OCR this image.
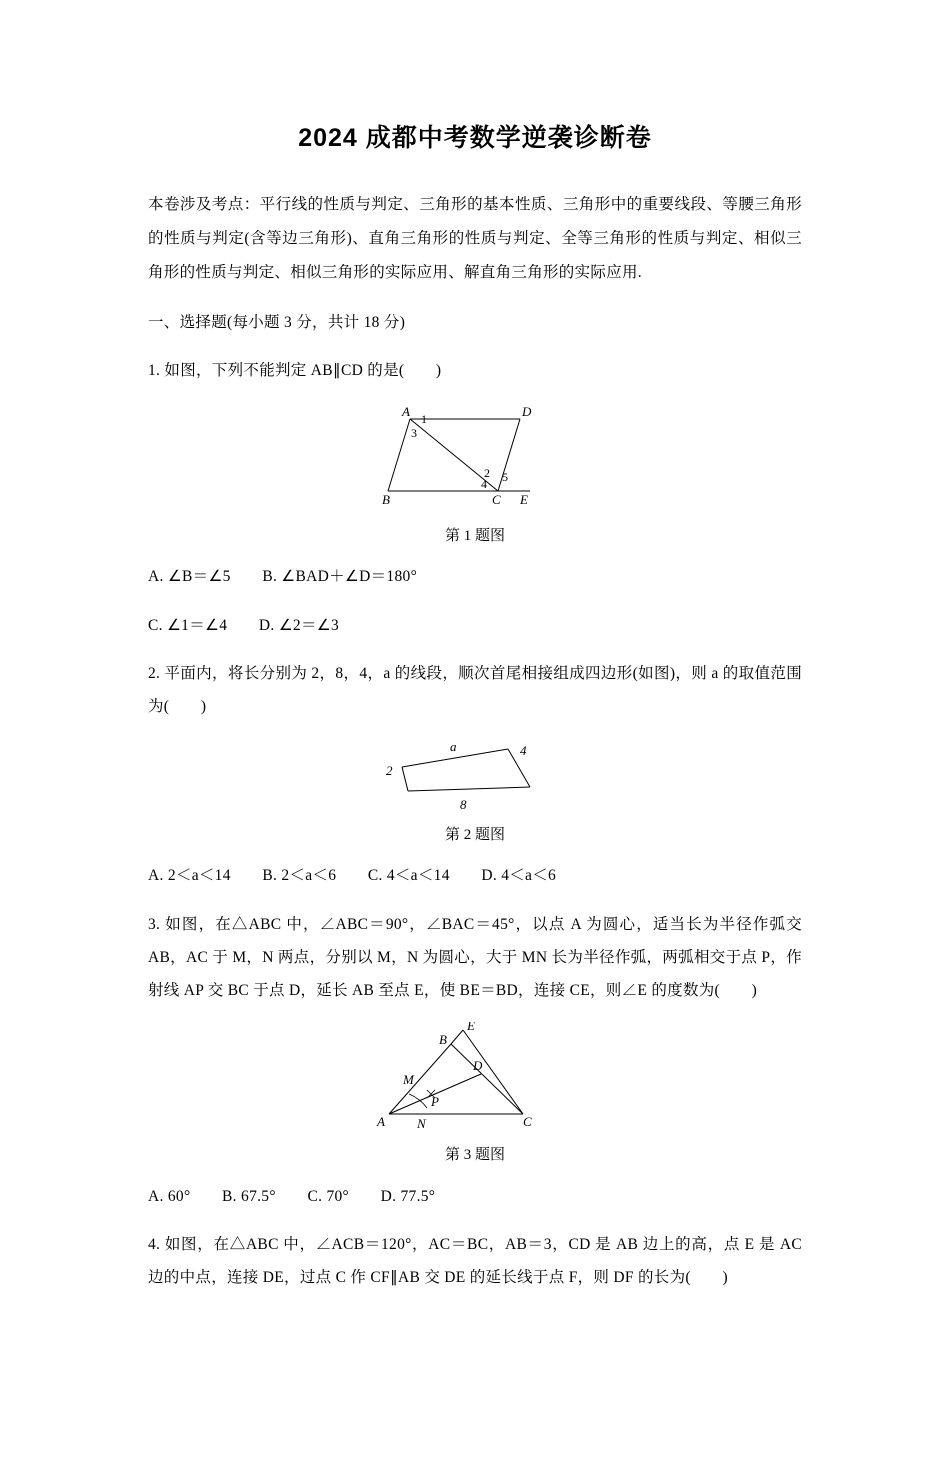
2024 成都中考数学逆袭诊断卷

本卷涉及考点：平行线的性质与判定、三角形的基本性质、三角形中的重要线段、等腰三角形的性质与判定(含等边三角形)、直角三角形的性质与判定、全等三角形的性质与判定、相似三角形的性质与判定、相似三角形的实际应用、解直角三角形的实际应用.

一、选择题(每小题 3 分，共计 18 分)

1. 如图，下列不能判定 AB∥CD 的是(　　)

A	D
B	C E
1
3
2 5
4

第 1 题图

A. ∠B＝∠5　　B. ∠BAD＋∠D＝180°

C. ∠1＝∠4　　D. ∠2＝∠3

2. 平面内，将长分别为 2，8，4，a 的线段，顺次首尾相接组成四边形(如图)，则 a 的取值范围为(　　)

a	4
2
8

第 2 题图

A. 2＜a＜14　　B. 2＜a＜6　　C. 4＜a＜14　　D. 4＜a＜6

3. 如图，在△ABC 中，∠ABC＝90°，∠BAC＝45°，以点 A 为圆心，适当长为半径作弧交 AB，AC 于 M，N 两点，分别以 M，N 为圆心，大于 MN 长为半径作弧，两弧相交于点 P，作射线 AP 交 BC 于点 D，延长 AB 至点 E，使 BE＝BD，连接 CE，则∠E 的度数为(　　)

E
B
M
D
P
A N	C

第 3 题图

A. 60°　　B. 67.5°　　C. 70°　　D. 77.5°

4. 如图，在△ABC 中，∠ACB＝120°，AC＝BC，AB＝3，CD 是 AB 边上的高，点 E 是 AC 边的中点，连接 DE，过点 C 作 CF∥AB 交 DE 的延长线于点 F，则 DF 的长为(　　)
